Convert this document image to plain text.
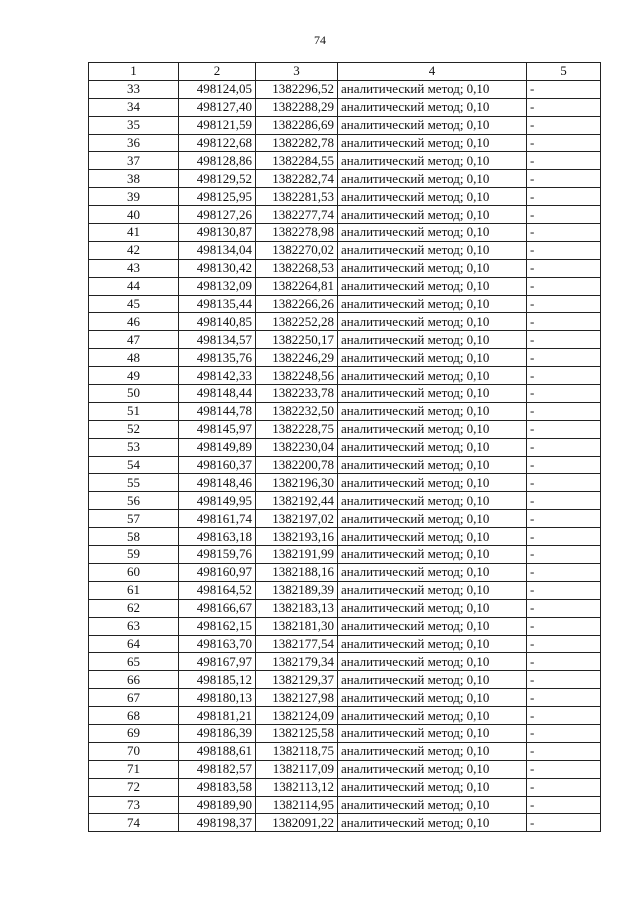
74
1	2	3	4	5
33	498124,05	1382296,52	аналитический метод; 0,10	-
34	498127,40	1382288,29	аналитический метод; 0,10	-
35	498121,59	1382286,69	аналитический метод; 0,10	-
36	498122,68	1382282,78	аналитический метод; 0,10	-
37	498128,86	1382284,55	аналитический метод; 0,10	-
38	498129,52	1382282,74	аналитический метод; 0,10	-
39	498125,95	1382281,53	аналитический метод; 0,10	-
40	498127,26	1382277,74	аналитический метод; 0,10	-
41	498130,87	1382278,98	аналитический метод; 0,10	-
42	498134,04	1382270,02	аналитический метод; 0,10	-
43	498130,42	1382268,53	аналитический метод; 0,10	-
44	498132,09	1382264,81	аналитический метод; 0,10	-
45	498135,44	1382266,26	аналитический метод; 0,10	-
46	498140,85	1382252,28	аналитический метод; 0,10	-
47	498134,57	1382250,17	аналитический метод; 0,10	-
48	498135,76	1382246,29	аналитический метод; 0,10	-
49	498142,33	1382248,56	аналитический метод; 0,10	-
50	498148,44	1382233,78	аналитический метод; 0,10	-
51	498144,78	1382232,50	аналитический метод; 0,10	-
52	498145,97	1382228,75	аналитический метод; 0,10	-
53	498149,89	1382230,04	аналитический метод; 0,10	-
54	498160,37	1382200,78	аналитический метод; 0,10	-
55	498148,46	1382196,30	аналитический метод; 0,10	-
56	498149,95	1382192,44	аналитический метод; 0,10	-
57	498161,74	1382197,02	аналитический метод; 0,10	-
58	498163,18	1382193,16	аналитический метод; 0,10	-
59	498159,76	1382191,99	аналитический метод; 0,10	-
60	498160,97	1382188,16	аналитический метод; 0,10	-
61	498164,52	1382189,39	аналитический метод; 0,10	-
62	498166,67	1382183,13	аналитический метод; 0,10	-
63	498162,15	1382181,30	аналитический метод; 0,10	-
64	498163,70	1382177,54	аналитический метод; 0,10	-
65	498167,97	1382179,34	аналитический метод; 0,10	-
66	498185,12	1382129,37	аналитический метод; 0,10	-
67	498180,13	1382127,98	аналитический метод; 0,10	-
68	498181,21	1382124,09	аналитический метод; 0,10	-
69	498186,39	1382125,58	аналитический метод; 0,10	-
70	498188,61	1382118,75	аналитический метод; 0,10	-
71	498182,57	1382117,09	аналитический метод; 0,10	-
72	498183,58	1382113,12	аналитический метод; 0,10	-
73	498189,90	1382114,95	аналитический метод; 0,10	-
74	498198,37	1382091,22	аналитический метод; 0,10	-
